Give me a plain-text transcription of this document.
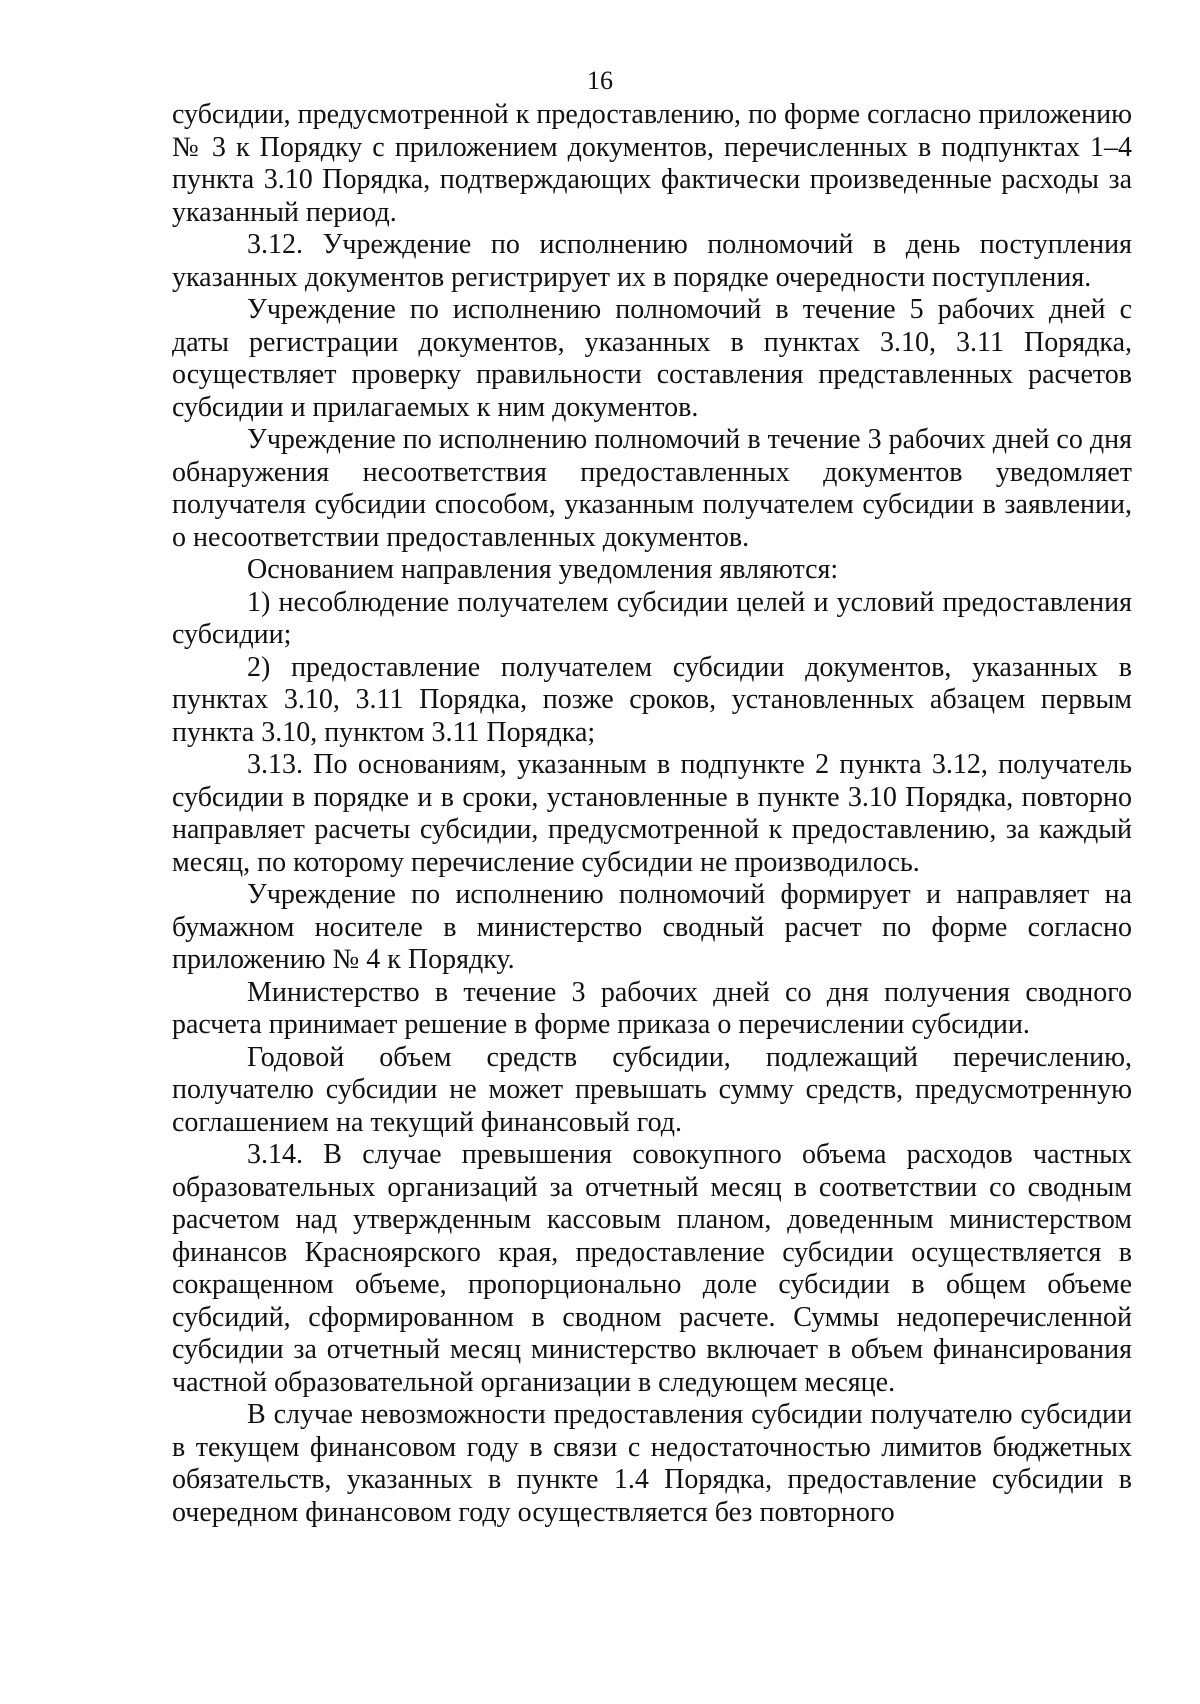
16

субсидии, предусмотренной к предоставлению, по форме согласно приложению № 3 к Порядку с приложением документов, перечисленных в подпунктах 1–4 пункта 3.10 Порядка, подтверждающих фактически произведенные расходы за указанный период.

3.12. Учреждение по исполнению полномочий в день поступления указанных документов регистрирует их в порядке очередности поступления.

Учреждение по исполнению полномочий в течение 5 рабочих дней с даты регистрации документов, указанных в пунктах 3.10, 3.11 Порядка, осуществляет проверку правильности составления представленных расчетов субсидии и прилагаемых к ним документов.

Учреждение по исполнению полномочий в течение 3 рабочих дней со дня обнаружения несоответствия предоставленных документов уведомляет получателя субсидии способом, указанным получателем субсидии в заявлении, о несоответствии предоставленных документов.

Основанием направления уведомления являются:

1) несоблюдение получателем субсидии целей и условий предоставления субсидии;

2) предоставление получателем субсидии документов, указанных в пунктах 3.10, 3.11 Порядка, позже сроков, установленных абзацем первым пункта 3.10, пунктом 3.11 Порядка;

3.13. По основаниям, указанным в подпункте 2 пункта 3.12, получатель субсидии в порядке и в сроки, установленные в пункте 3.10 Порядка, повторно направляет расчеты субсидии, предусмотренной к предоставлению, за каждый месяц, по которому перечисление субсидии не производилось.

Учреждение по исполнению полномочий формирует и направляет на бумажном носителе в министерство сводный расчет по форме согласно приложению № 4 к Порядку.

Министерство в течение 3 рабочих дней со дня получения сводного расчета принимает решение в форме приказа о перечислении субсидии.

Годовой объем средств субсидии, подлежащий перечислению, получателю субсидии не может превышать сумму средств, предусмотренную соглашением на текущий финансовый год.

3.14. В случае превышения совокупного объема расходов частных образовательных организаций за отчетный месяц в соответствии со сводным расчетом над утвержденным кассовым планом, доведенным министерством финансов Красноярского края, предоставление субсидии осуществляется в сокращенном объеме, пропорционально доле субсидии в общем объеме субсидий, сформированном в сводном расчете. Суммы недоперечисленной субсидии за отчетный месяц министерство включает в объем финансирования частной образовательной организации в следующем месяце.

В случае невозможности предоставления субсидии получателю субсидии в текущем финансовом году в связи с недостаточностью лимитов бюджетных обязательств, указанных в пункте 1.4 Порядка, предоставление субсидии в очередном финансовом году осуществляется без повторного
